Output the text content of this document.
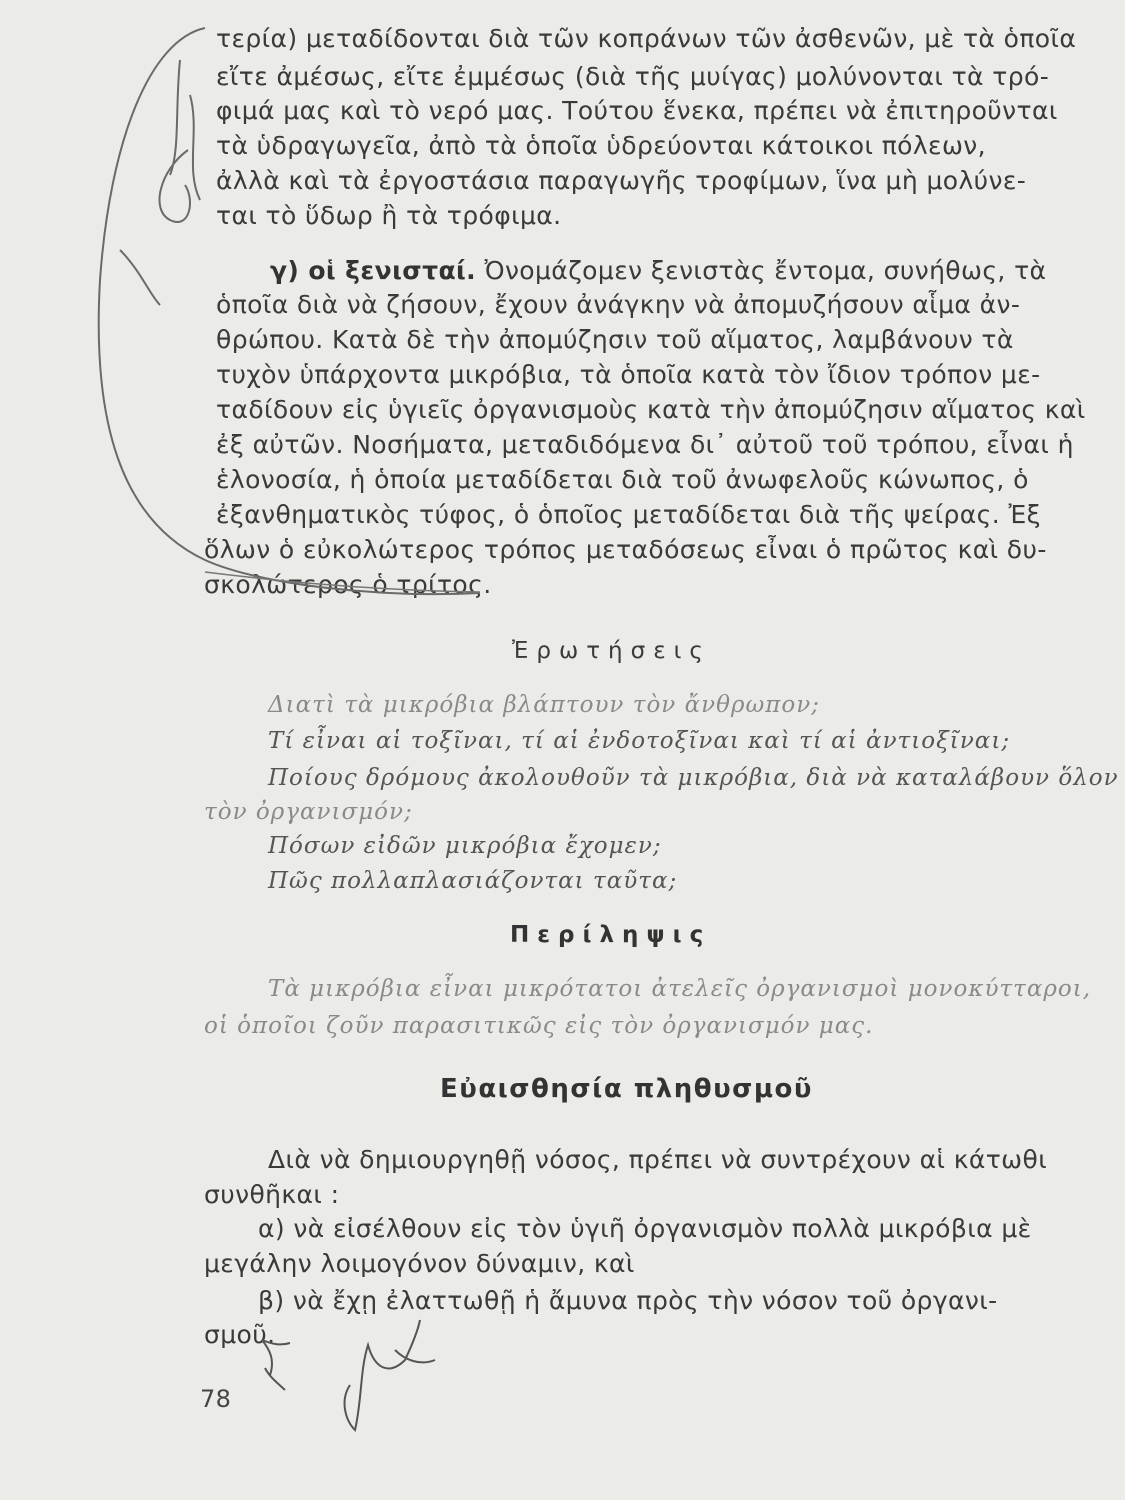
τερία) μεταδίδονται διὰ τῶν κοπράνων τῶν ἀσθενῶν, μὲ τὰ ὁποῖα
εἴτε ἀμέσως, εἴτε ἐμμέσως (διὰ τῆς μυίγας) μολύνονται τὰ τρό-
φιμά μας καὶ τὸ νερό μας. Τούτου ἕνεκα, πρέπει νὰ ἐπιτηροῦνται
τὰ ὑδραγωγεῖα, ἀπὸ τὰ ὁποῖα ὑδρεύονται κάτοικοι πόλεων,
ἀλλὰ καὶ τὰ ἐργοστάσια παραγωγῆς τροφίμων, ἵνα μὴ μολύνε-
ται τὸ ὕδωρ ἢ τὰ τρόφιμα.
γ) οἱ ξενισταί. Ὀνομάζομεν ξενιστὰς ἔντομα, συνήθως, τὰ
ὁποῖα διὰ νὰ ζήσουν, ἔχουν ἀνάγκην νὰ ἀπομυζήσουν αἷμα ἀν-
θρώπου. Κατὰ δὲ τὴν ἀπομύζησιν τοῦ αἵματος, λαμβάνουν τὰ
τυχὸν ὑπάρχοντα μικρόβια, τὰ ὁποῖα κατὰ τὸν ἴδιον τρόπον με-
ταδίδουν εἰς ὑγιεῖς ὀργανισμοὺς κατὰ τὴν ἀπομύζησιν αἵματος καὶ
ἐξ αὐτῶν. Νοσήματα, μεταδιδόμενα δι᾽ αὐτοῦ τοῦ τρόπου, εἶναι ἡ
ἑλονοσία, ἡ ὁποία μεταδίδεται διὰ τοῦ ἀνωφελοῦς κώνωπος, ὁ
ἐξανθηματικὸς τύφος, ὁ ὁποῖος μεταδίδεται διὰ τῆς ψείρας. Ἐξ
ὅλων ὁ εὐκολώτερος τρόπος μεταδόσεως εἶναι ὁ πρῶτος καὶ δυ-
σκολώτερος ὁ τρίτος.
Ἐρωτήσεις
Διατὶ τὰ μικρόβια βλάπτουν τὸν ἄνθρωπον;
Τί εἶναι αἱ τοξῖναι, τί αἱ ἐνδοτοξῖναι καὶ τί αἱ ἀντιοξῖναι;
Ποίους δρόμους ἀκολουθοῦν τὰ μικρόβια, διὰ νὰ καταλάβουν ὅλον
τὸν ὀργανισμόν;
Πόσων εἰδῶν μικρόβια ἔχομεν;
Πῶς πολλαπλασιάζονται ταῦτα;
Περίληψις
Τὰ μικρόβια εἶναι μικρότατοι ἀτελεῖς ὀργανισμοὶ μονοκύτταροι,
οἱ ὁποῖοι ζοῦν παρασιτικῶς εἰς τὸν ὀργανισμόν μας.
Εὐαισθησία πληθυσμοῦ
Διὰ νὰ δημιουργηθῇ νόσος, πρέπει νὰ συντρέχουν αἱ κάτωθι
συνθῆκαι :
α) νὰ εἰσέλθουν εἰς τὸν ὑγιῆ ὀργανισμὸν πολλὰ μικρόβια μὲ
μεγάλην λοιμογόνον δύναμιν, καὶ
β) νὰ ἔχῃ ἐλαττωθῇ ἡ ἄμυνα πρὸς τὴν νόσον τοῦ ὀργανι-
σμοῦ.
78
